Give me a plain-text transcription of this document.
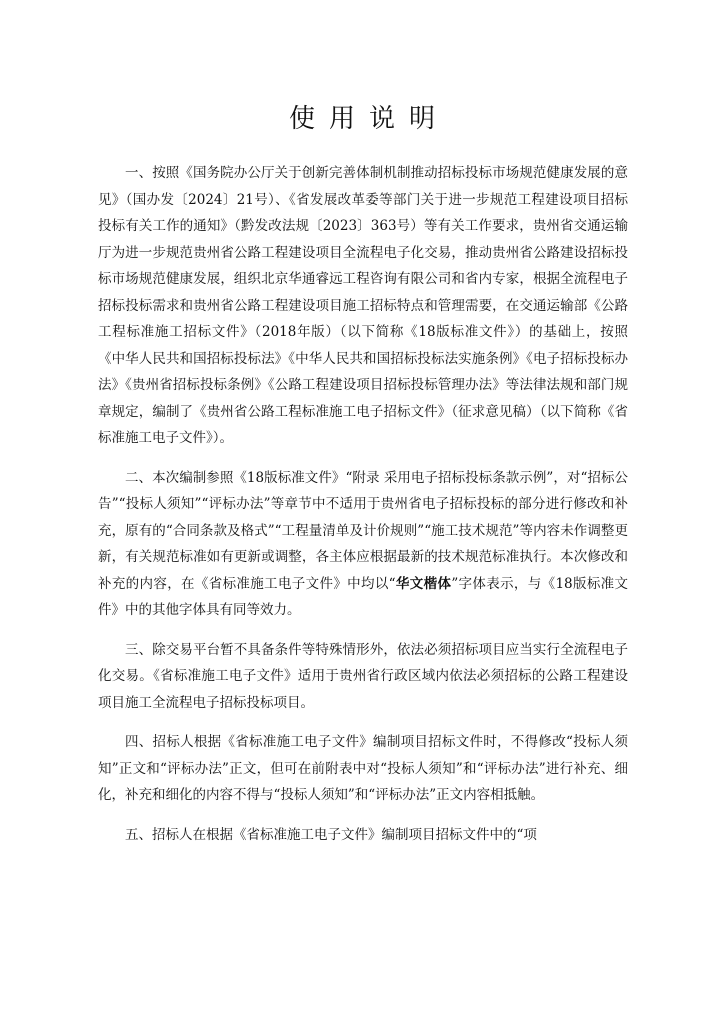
使用说明

一、按照《国务院办公厅关于创新完善体制机制推动招标投标市场规范健康发展的意见》（国办发〔2024〕21号）、《省发展改革委等部门关于进一步规范工程建设项目招标投标有关工作的通知》（黔发改法规〔2023〕363号）等有关工作要求，贵州省交通运输厅为进一步规范贵州省公路工程建设项目全流程电子化交易，推动贵州省公路建设招标投标市场规范健康发展，组织北京华通睿远工程咨询有限公司和省内专家，根据全流程电子招标投标需求和贵州省公路工程建设项目施工招标特点和管理需要，在交通运输部《公路工程标准施工招标文件》（2018年版）（以下简称《18版标准文件》）的基础上，按照《中华人民共和国招标投标法》《中华人民共和国招标投标法实施条例》《电子招标投标办法》《贵州省招标投标条例》《公路工程建设项目招标投标管理办法》等法律法规和部门规章规定，编制了《贵州省公路工程标准施工电子招标文件》（征求意见稿）（以下简称《省标准施工电子文件》）。

二、本次编制参照《18版标准文件》“附录 采用电子招标投标条款示例”，对“招标公告”“投标人须知”“评标办法”等章节中不适用于贵州省电子招标投标的部分进行修改和补充，原有的“合同条款及格式”“工程量清单及计价规则”“施工技术规范”等内容未作调整更新，有关规范标准如有更新或调整，各主体应根据最新的技术规范标准执行。本次修改和补充的内容，在《省标准施工电子文件》中均以“华文楷体”字体表示，与《18版标准文件》中的其他字体具有同等效力。

三、除交易平台暂不具备条件等特殊情形外，依法必须招标项目应当实行全流程电子化交易。《省标准施工电子文件》适用于贵州省行政区域内依法必须招标的公路工程建设项目施工全流程电子招标投标项目。

四、招标人根据《省标准施工电子文件》编制项目招标文件时，不得修改“投标人须知”正文和“评标办法”正文，但可在前附表中对“投标人须知”和“评标办法”进行补充、细化，补充和细化的内容不得与“投标人须知”和“评标办法”正文内容相抵触。

五、招标人在根据《省标准施工电子文件》编制项目招标文件中的“项
